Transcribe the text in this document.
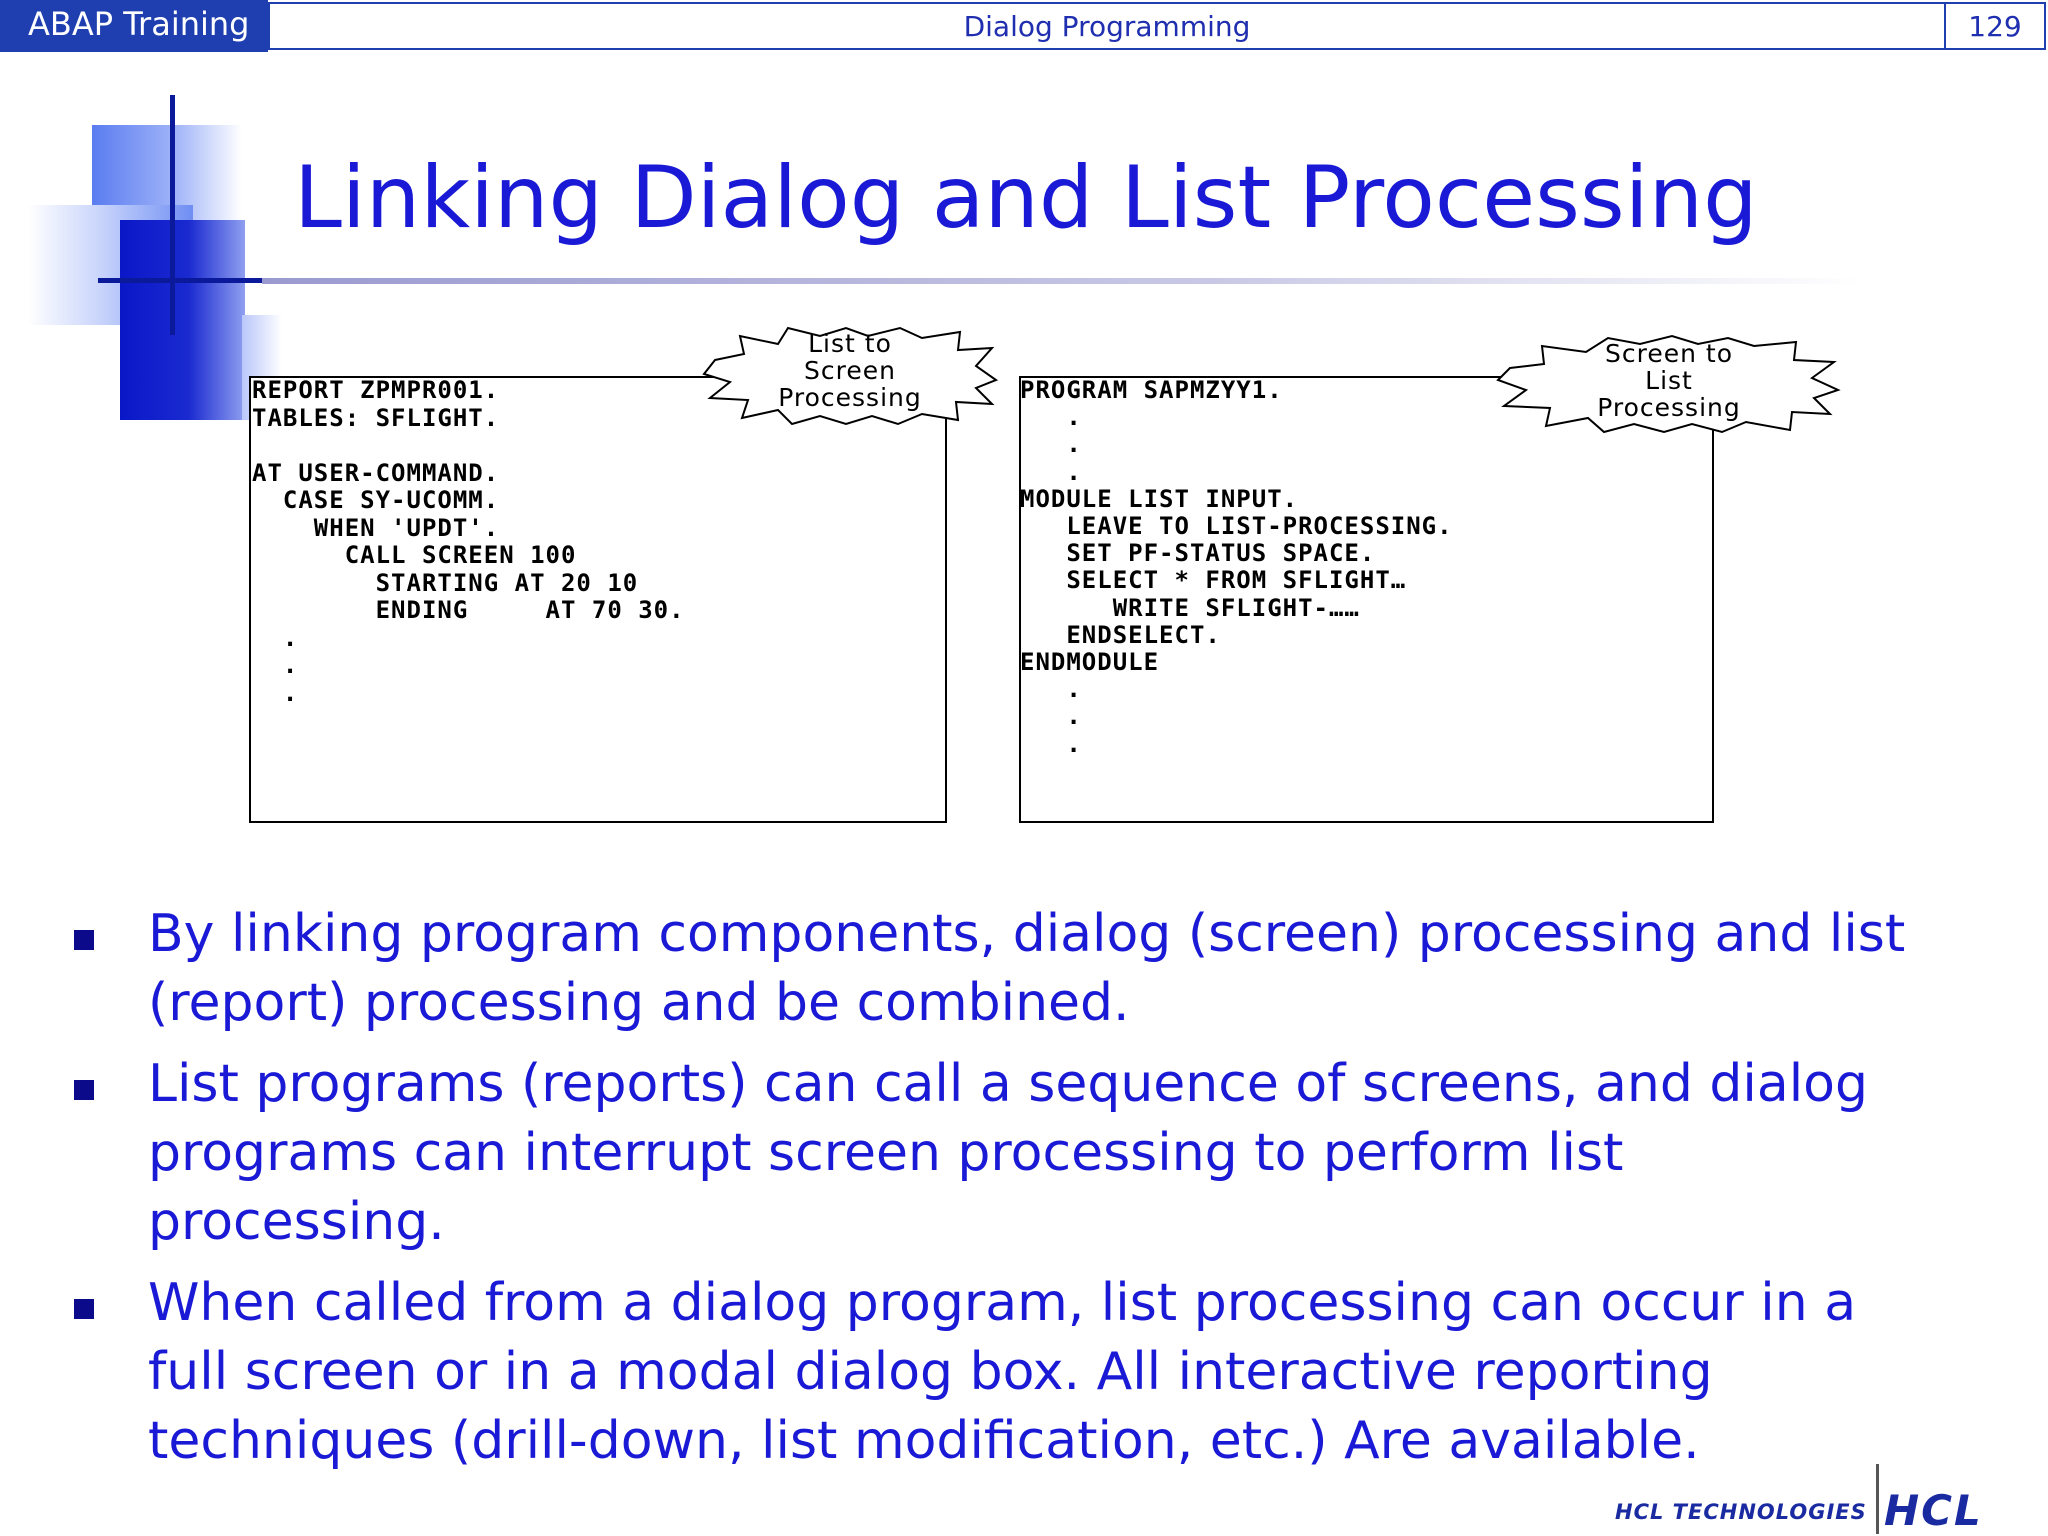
ABAP Training	Dialog Programming	129
Linking Dialog and List Processing
REPORT ZPMPR001.
TABLES: SFLIGHT.
AT USER-COMMAND.
CASE SY-UCOMM.
WHEN 'UPDT'.
CALL SCREEN 100
STARTING AT 20 10
ENDING     AT 70 30.
.
.
.
PROGRAM SAPMZYY1.
.
.
.
MODULE LIST INPUT.
LEAVE TO LIST-PROCESSING.
SET PF-STATUS SPACE.
SELECT * FROM SFLIGHT…
WRITE SFLIGHT-……
ENDSELECT.
ENDMODULE
.
.
.
List to
Screen
Processing
Screen to
List
Processing
By linking program components, dialog (screen) processing and list (report) processing and be combined.
List programs (reports) can call a sequence of screens, and dialog programs can interrupt screen processing to perform list processing.
When called from a dialog program, list processing can occur in a full screen or in a modal dialog box. All interactive reporting techniques (drill-down, list modification, etc.) Are available.
HCL TECHNOLOGIES HCL
